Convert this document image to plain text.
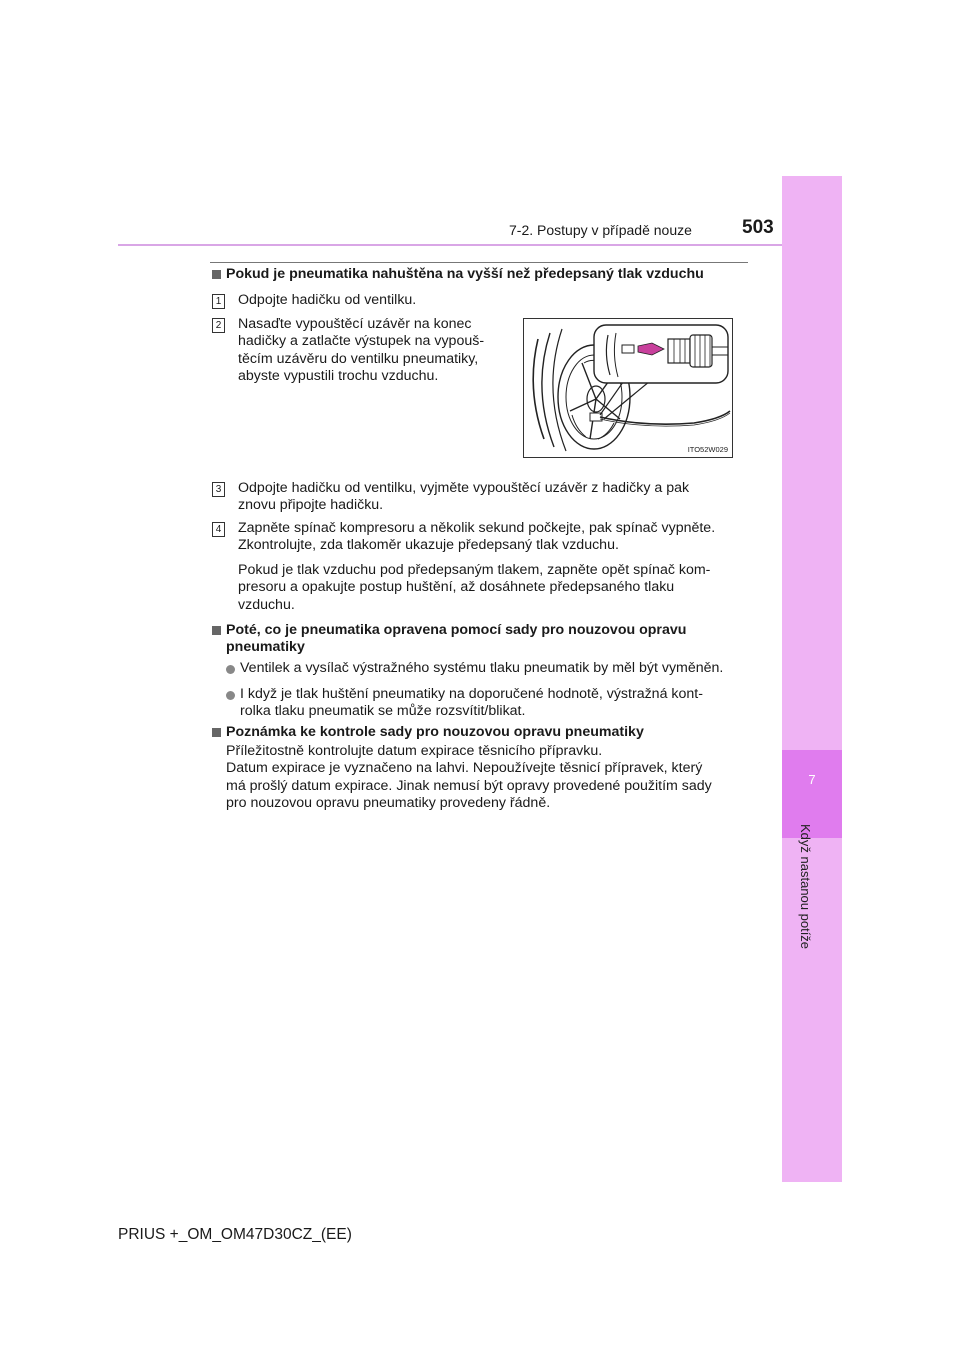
7
Když nastanou potíže
7-2. Postupy v případě nouze	503
Pokud je pneumatika nahuštěna na vyšší než předepsaný tlak vzduchu
1 Odpojte hadičku od ventilku.
2 Nasaďte vypouštěcí uzávěr na konec
hadičky a zatlačte výstupek na vypouš-
těcím uzávěru do ventilku pneumatiky,
abyste vypustili trochu vzduchu.
ITO52W029
3 Odpojte hadičku od ventilku, vyjměte vypouštěcí uzávěr z hadičky a pak
znovu připojte hadičku.
4 Zapněte spínač kompresoru a několik sekund počkejte, pak spínač vypněte.
Zkontrolujte, zda tlakoměr ukazuje předepsaný tlak vzduchu.
Pokud je tlak vzduchu pod předepsaným tlakem, zapněte opět spínač kom-
presoru a opakujte postup huštění, až dosáhnete předepsaného tlaku
vzduchu.
Poté, co je pneumatika opravena pomocí sady pro nouzovou opravu
pneumatiky
Ventilek a vysílač výstražného systému tlaku pneumatik by měl být vyměněn.
I když je tlak huštění pneumatiky na doporučené hodnotě, výstražná kont-
rolka tlaku pneumatik se může rozsvítit/blikat.
Poznámka ke kontrole sady pro nouzovou opravu pneumatiky
Příležitostně kontrolujte datum expirace těsnicího přípravku.
Datum expirace je vyznačeno na lahvi. Nepoužívejte těsnicí přípravek, který
má prošlý datum expirace. Jinak nemusí být opravy provedené použitím sady
pro nouzovou opravu pneumatiky provedeny řádně.
PRIUS +_OM_OM47D30CZ_(EE)
